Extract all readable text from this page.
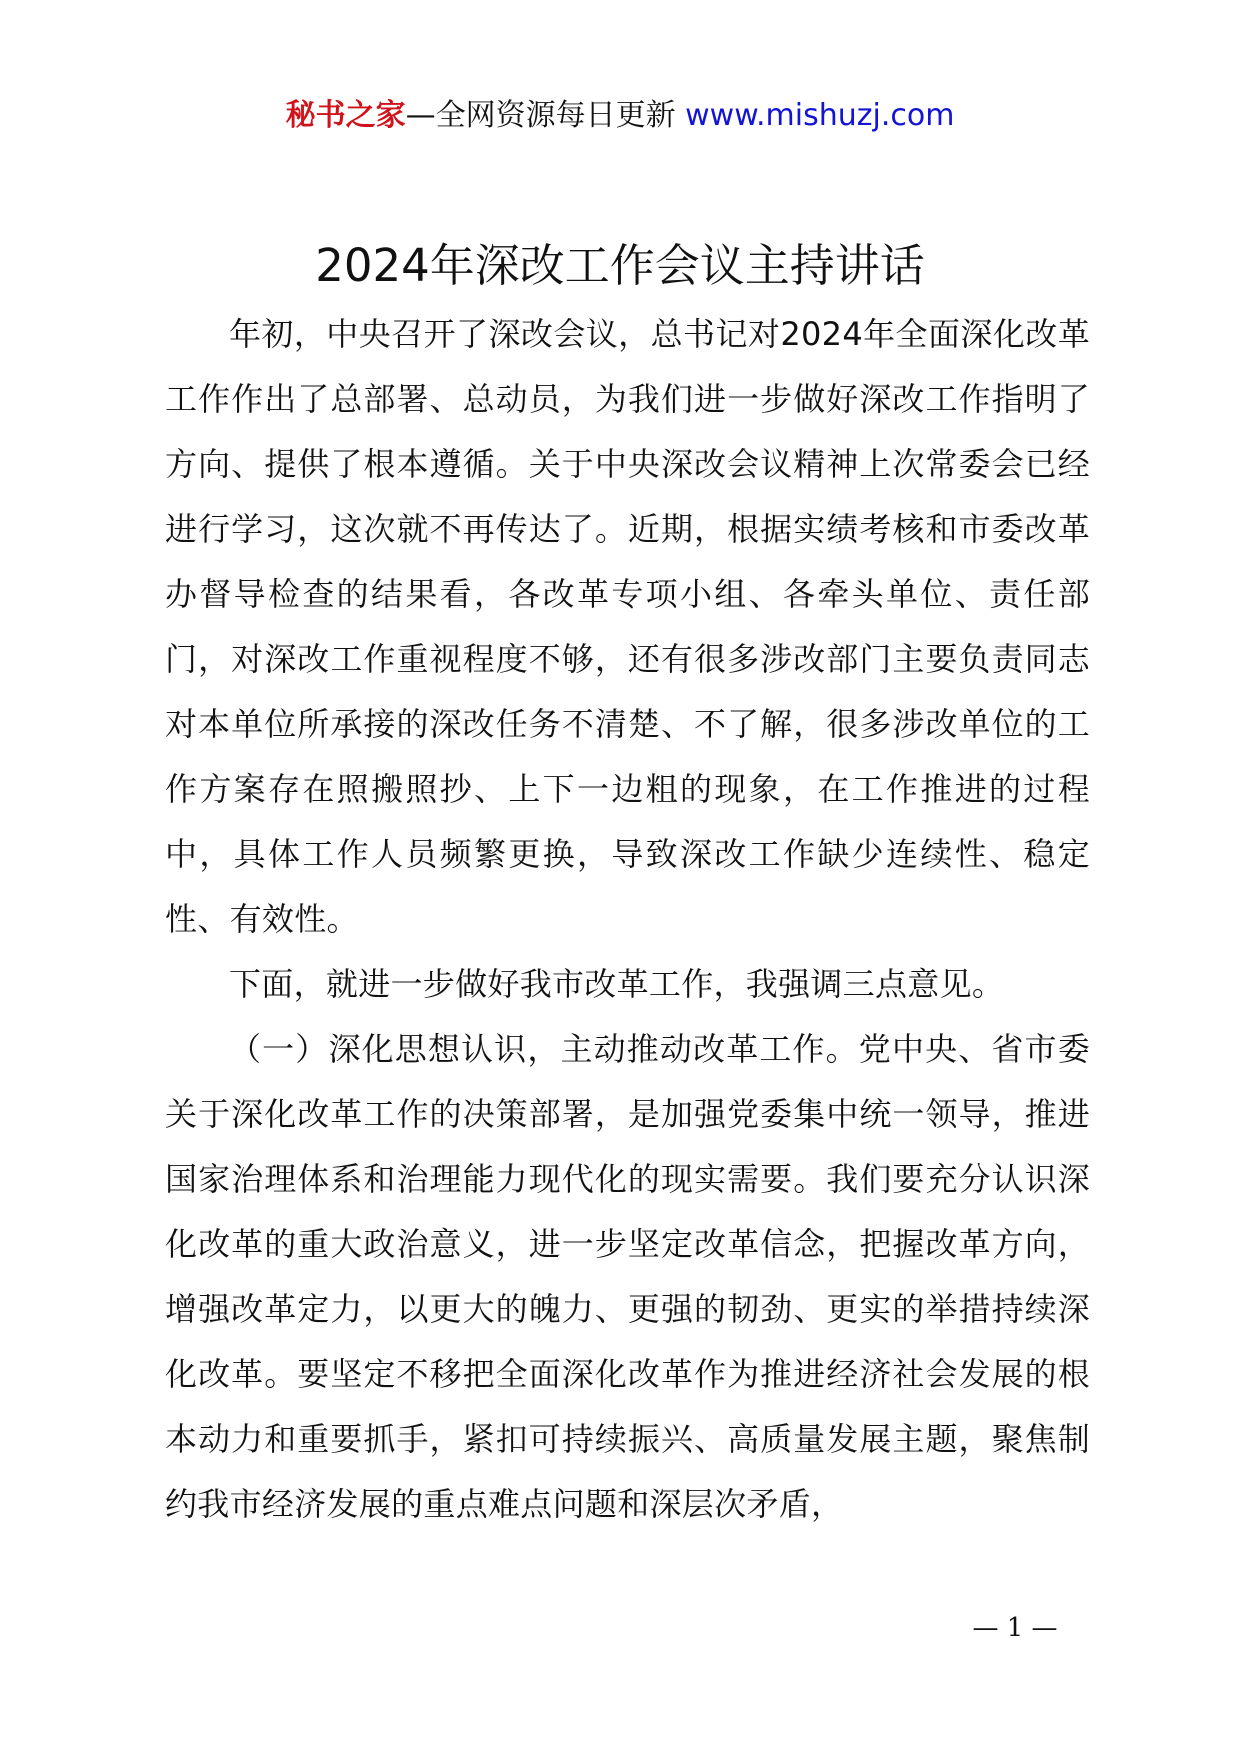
秘书之家—全网资源每日更新 www.mishuzj.com
2024年深改工作会议主持讲话

年初，中央召开了深改会议，总书记对2024年全面深化改革工作作出了总部署、总动员，为我们进一步做好深改工作指明了方向、提供了根本遵循。关于中央深改会议精神上次常委会已经进行学习，这次就不再传达了。近期，根据实绩考核和市委改革办督导检查的结果看，各改革专项小组、各牵头单位、责任部门，对深改工作重视程度不够，还有很多涉改部门主要负责同志对本单位所承接的深改任务不清楚、不了解，很多涉改单位的工作方案存在照搬照抄、上下一边粗的现象，在工作推进的过程中，具体工作人员频繁更换，导致深改工作缺少连续性、稳定性、有效性。

下面，就进一步做好我市改革工作，我强调三点意见。

（一）深化思想认识，主动推动改革工作。党中央、省市委关于深化改革工作的决策部署，是加强党委集中统一领导，推进国家治理体系和治理能力现代化的现实需要。我们要充分认识深化改革的重大政治意义，进一步坚定改革信念，把握改革方向，增强改革定力，以更大的魄力、更强的韧劲、更实的举措持续深化改革。要坚定不移把全面深化改革作为推进经济社会发展的根本动力和重要抓手，紧扣可持续振兴、高质量发展主题，聚焦制约我市经济发展的重点难点问题和深层次矛盾，

— 1 —
